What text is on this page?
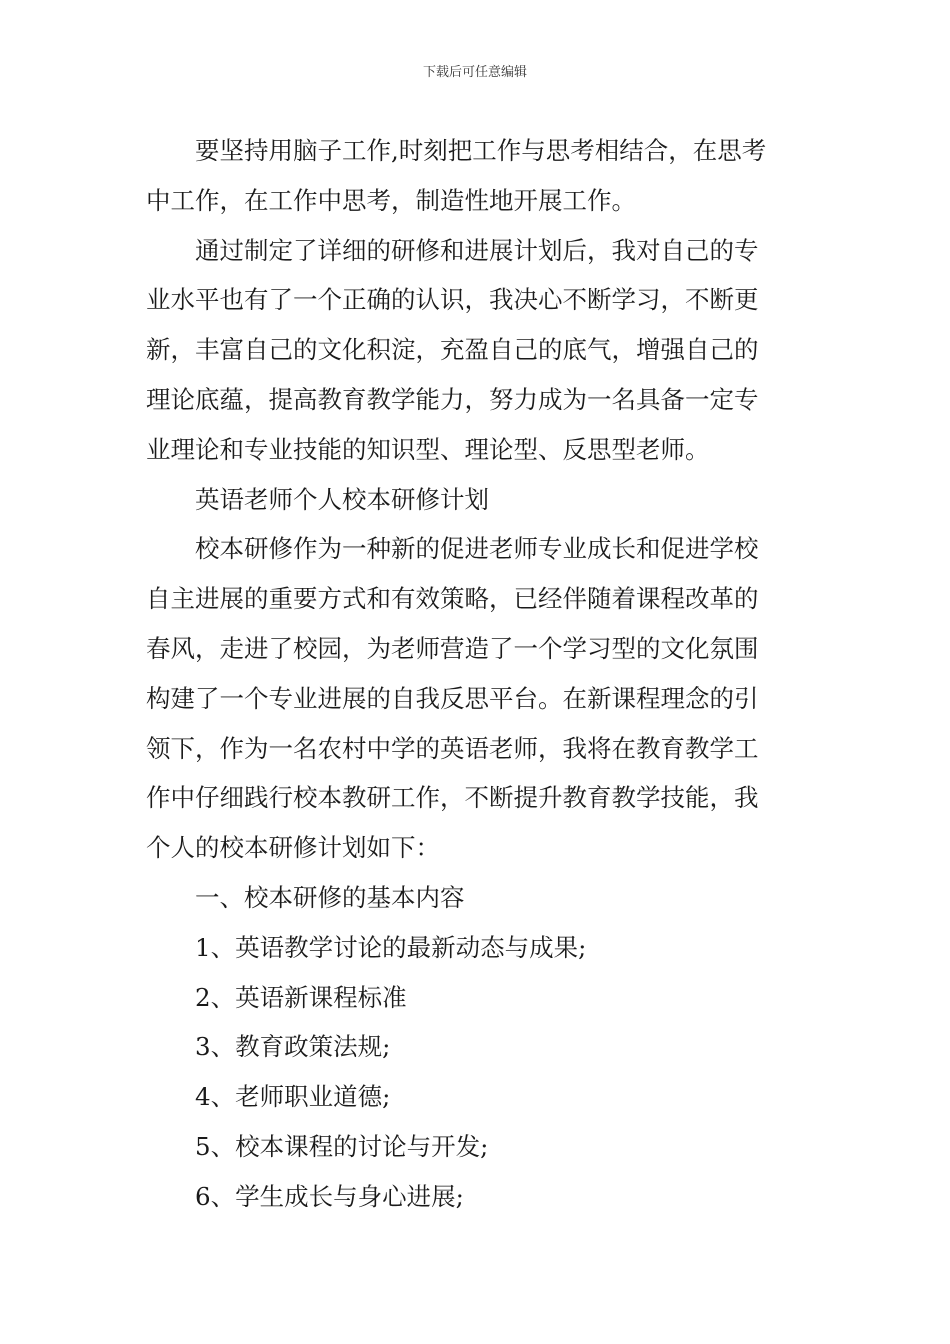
下载后可任意编辑

要坚持用脑子工作,时刻把工作与思考相结合，在思考
中工作，在工作中思考，制造性地开展工作。

通过制定了详细的研修和进展计划后，我对自己的专
业水平也有了一个正确的认识，我决心不断学习，不断更
新，丰富自己的文化积淀，充盈自己的底气，增强自己的
理论底蕴，提高教育教学能力，努力成为一名具备一定专
业理论和专业技能的知识型、理论型、反思型老师。

英语老师个人校本研修计划

校本研修作为一种新的促进老师专业成长和促进学校
自主进展的重要方式和有效策略，已经伴随着课程改革的
春风，走进了校园，为老师营造了一个学习型的文化氛围
构建了一个专业进展的自我反思平台。在新课程理念的引
领下，作为一名农村中学的英语老师，我将在教育教学工
作中仔细践行校本教研工作，不断提升教育教学技能，我
个人的校本研修计划如下：

一、校本研修的基本内容

1、英语教学讨论的最新动态与成果;

2、英语新课程标准

3、教育政策法规;

4、老师职业道德;

5、校本课程的讨论与开发;

6、学生成长与身心进展;
